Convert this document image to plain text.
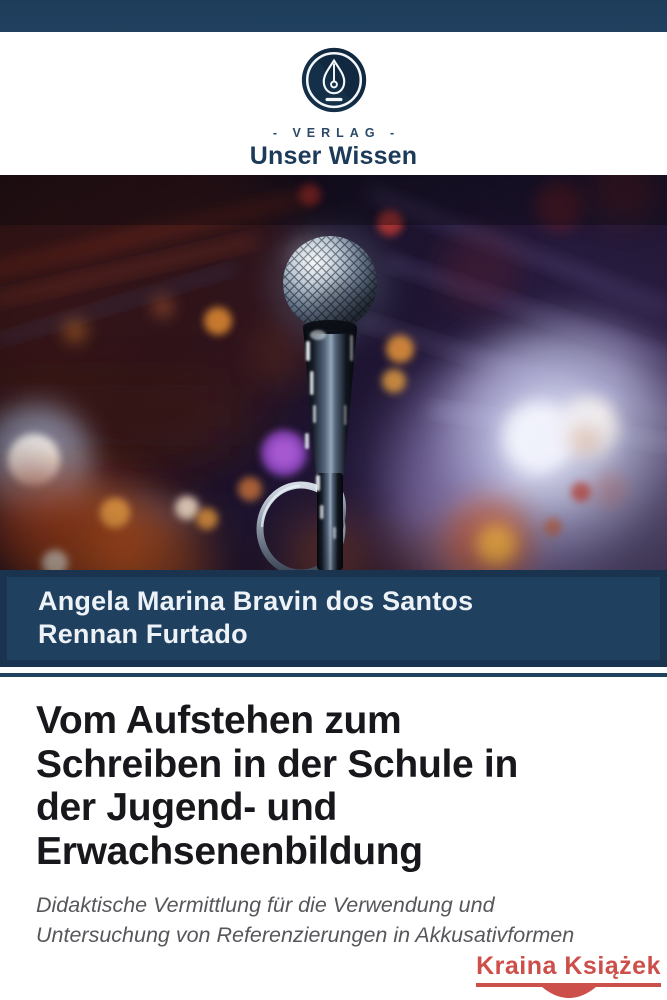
- VERLAG -
Unser Wissen
Angela Marina Bravin dos Santos
Rennan Furtado
Vom Aufstehen zum
Schreiben in der Schule in
der Jugend- und
Erwachsenenbildung
Didaktische Vermittlung für die Verwendung und
Untersuchung von Referenzierungen in Akkusativformen
Kraina Książek
